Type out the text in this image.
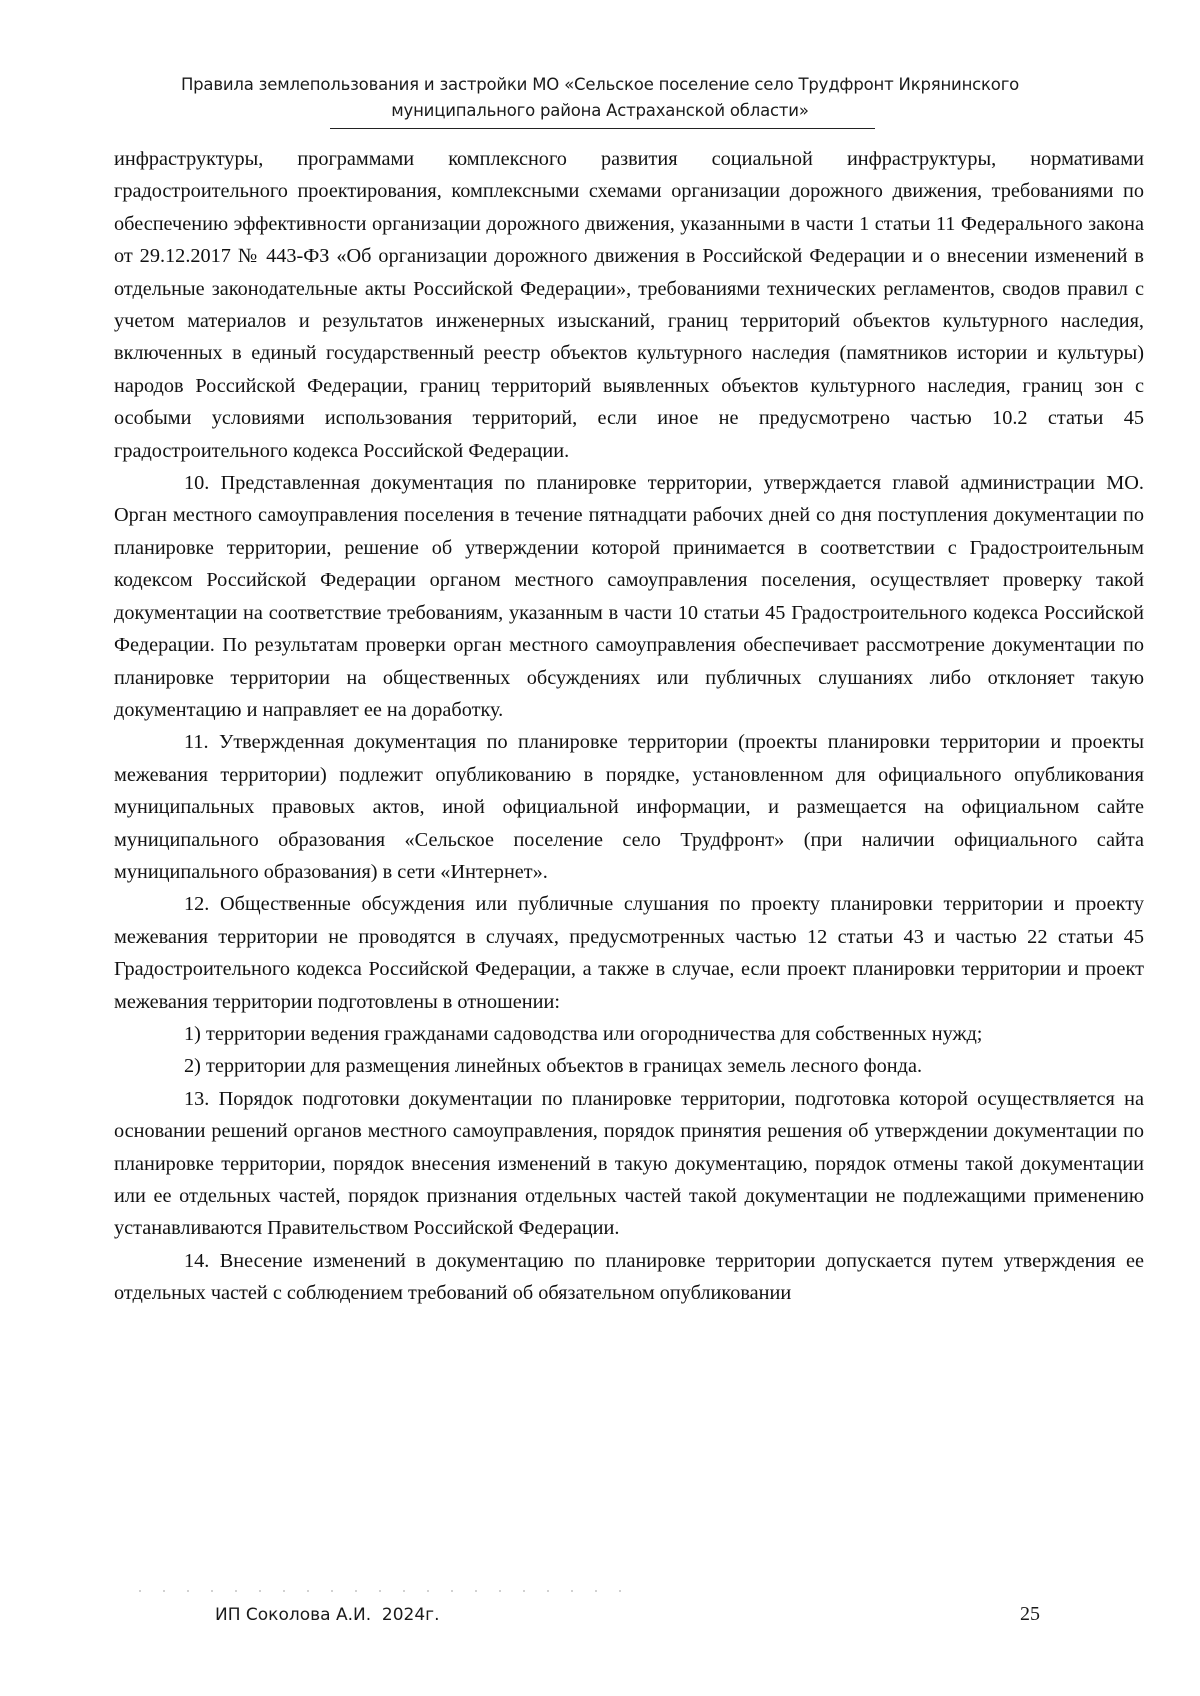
Правила землепользования и застройки МО «Сельское поселение село Трудфронт Икрянинского
муниципального района Астраханской области»

инфраструктуры, программами комплексного развития социальной инфраструктуры, нормативами градостроительного проектирования, комплексными схемами организации дорожного движения, требованиями по обеспечению эффективности организации дорожного движения, указанными в части 1 статьи 11 Федерального закона от 29.12.2017 № 443-ФЗ «Об организации дорожного движения в Российской Федерации и о внесении изменений в отдельные законодательные акты Российской Федерации», требованиями технических регламентов, сводов правил с учетом материалов и результатов инженерных изысканий, границ территорий объектов культурного наследия, включенных в единый государственный реестр объектов культурного наследия (памятников истории и культуры) народов Российской Федерации, границ территорий выявленных объектов культурного наследия, границ зон с особыми условиями использования территорий, если иное не предусмотрено частью 10.2 статьи 45 градостроительного кодекса Российской Федерации.

10. Представленная документация по планировке территории, утверждается главой администрации МО. Орган местного самоуправления поселения в течение пятнадцати рабочих дней со дня поступления документации по планировке территории, решение об утверждении которой принимается в соответствии с Градостроительным кодексом Российской Федерации органом местного самоуправления поселения, осуществляет проверку такой документации на соответствие требованиям, указанным в части 10 статьи 45 Градостроительного кодекса Российской Федерации. По результатам проверки орган местного самоуправления обеспечивает рассмотрение документации по планировке территории на общественных обсуждениях или публичных слушаниях либо отклоняет такую документацию и направляет ее на доработку.

11. Утвержденная документация по планировке территории (проекты планировки территории и проекты межевания территории) подлежит опубликованию в порядке, установленном для официального опубликования муниципальных правовых актов, иной официальной информации, и размещается на официальном сайте муниципального образования «Сельское поселение село Трудфронт» (при наличии официального сайта муниципального образования) в сети «Интернет».

12. Общественные обсуждения или публичные слушания по проекту планировки территории и проекту межевания территории не проводятся в случаях, предусмотренных частью 12 статьи 43 и частью 22 статьи 45 Градостроительного кодекса Российской Федерации, а также в случае, если проект планировки территории и проект межевания территории подготовлены в отношении:

1) территории ведения гражданами садоводства или огородничества для собственных нужд;

2) территории для размещения линейных объектов в границах земель лесного фонда.

13. Порядок подготовки документации по планировке территории, подготовка которой осуществляется на основании решений органов местного самоуправления, порядок принятия решения об утверждении документации по планировке территории, порядок внесения изменений в такую документацию, порядок отмены такой документации или ее отдельных частей, порядок признания отдельных частей такой документации не подлежащими применению устанавливаются Правительством Российской Федерации.

14. Внесение изменений в документацию по планировке территории допускается путем утверждения ее отдельных частей с соблюдением требований об обязательном опубликовании

ИП Соколова А.И.  2024г.	25
